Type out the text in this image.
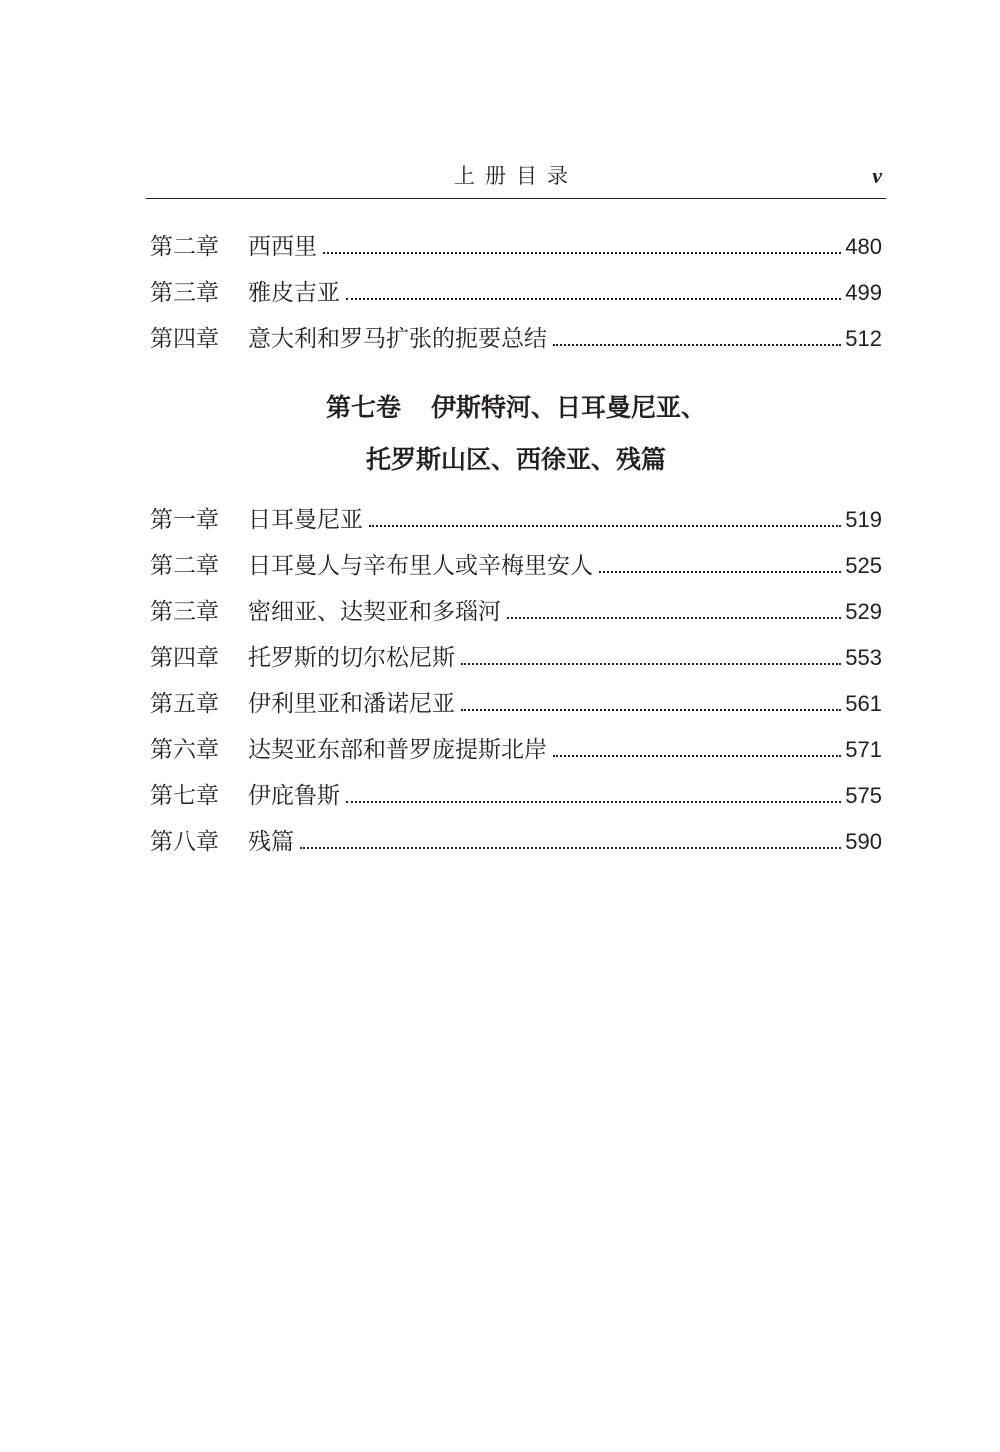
上册目录	v
第二章	西西里	480
第三章	雅皮吉亚	499
第四章	意大利和罗马扩张的扼要总结	512
第七卷 伊斯特河、日耳曼尼亚、
托罗斯山区、西徐亚、残篇
第一章	日耳曼尼亚	519
第二章	日耳曼人与辛布里人或辛梅里安人	525
第三章	密细亚、达契亚和多瑙河	529
第四章	托罗斯的切尔松尼斯	553
第五章	伊利里亚和潘诺尼亚	561
第六章	达契亚东部和普罗庞提斯北岸	571
第七章	伊庇鲁斯	575
第八章	残篇	590
